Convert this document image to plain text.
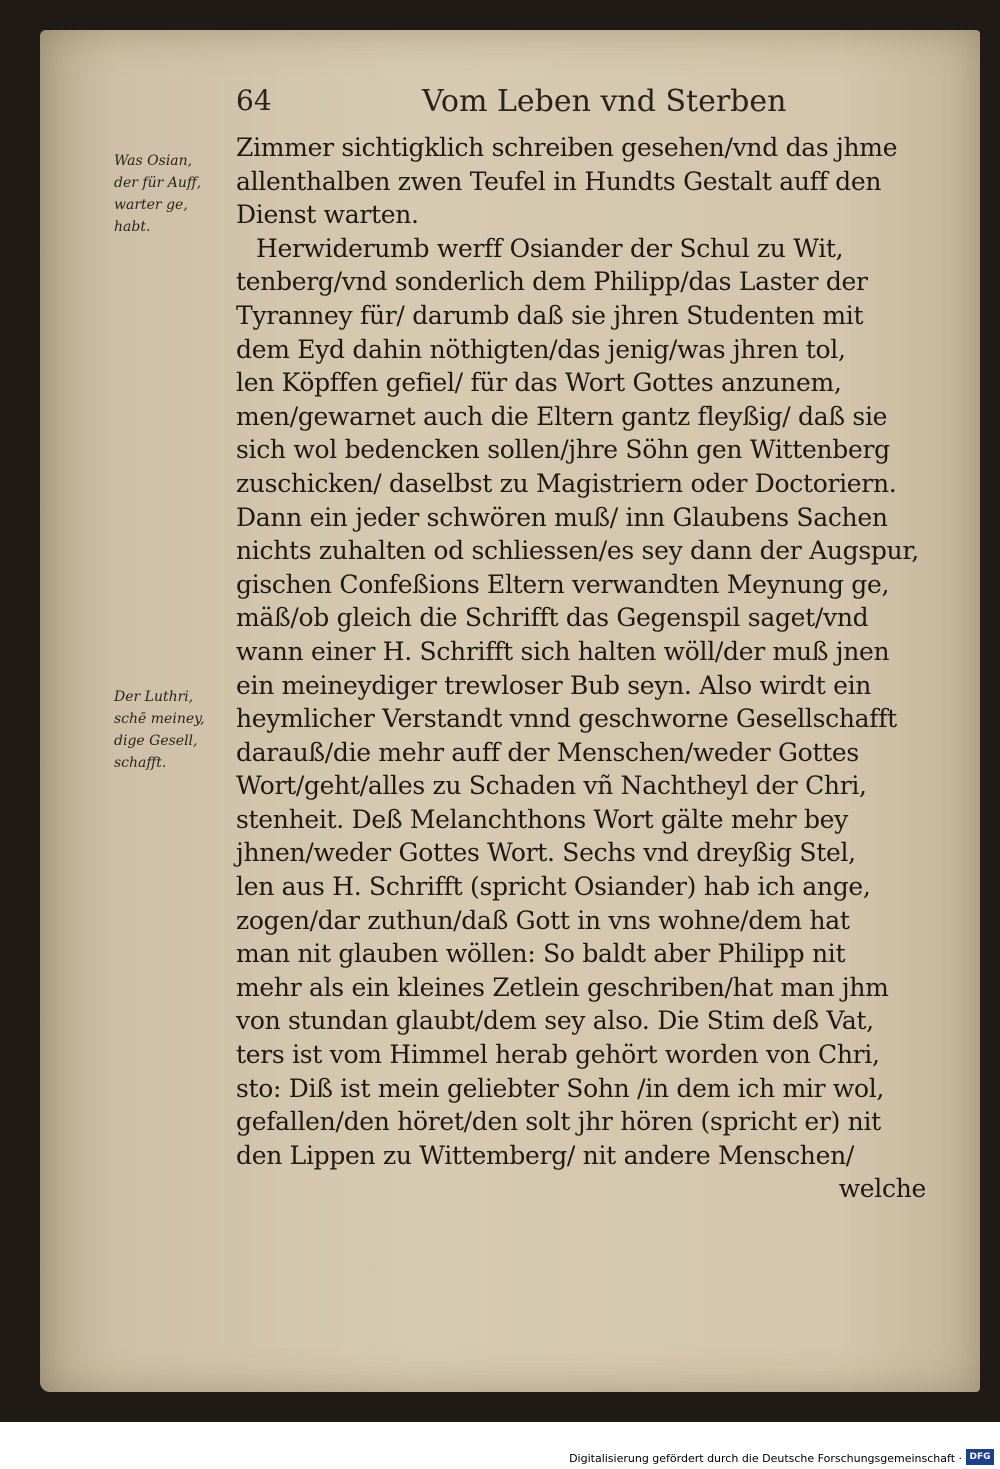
64	Vom Leben vnd Sterben
Was Osian,
der für Auff,
warter ge,
habt.
Der Luthri,
schē meiney,
dige Gesell,
schafft.
Zimmer sichtigklich schreiben gesehen/vnd das jhme
allenthalben zwen Teufel in Hundts Gestalt auff den
Dienst warten.
Herwiderumb werff Osiander der Schul zu Wit,
tenberg/vnd sonderlich dem Philipp/das Laster der
Tyranney für/ darumb daß sie jhren Studenten mit
dem Eyd dahin nöthigten/das jenig/was jhren tol,
len Köpffen gefiel/ für das Wort Gottes anzunem,
men/gewarnet auch die Eltern gantz fleyßig/ daß sie
sich wol bedencken sollen/jhre Söhn gen Wittenberg
zuschicken/ daselbst zu Magistriern oder Doctoriern.
Dann ein jeder schwören muß/ inn Glaubens Sachen
nichts zuhalten od schliessen/es sey dann der Augspur,
gischen Confeßions Eltern verwandten Meynung ge,
mäß/ob gleich die Schrifft das Gegenspil saget/vnd
wann einer H. Schrifft sich halten wöll/der muß jnen
ein meineydiger trewloser Bub seyn. Also wirdt ein
heymlicher Verstandt vnnd geschworne Gesellschafft
darauß/die mehr auff der Menschen/weder Gottes
Wort/geht/alles zu Schaden vñ Nachtheyl der Chri,
stenheit. Deß Melanchthons Wort gälte mehr bey
jhnen/weder Gottes Wort. Sechs vnd dreyßig Stel,
len aus H. Schrifft (spricht Osiander) hab ich ange,
zogen/dar zuthun/daß Gott in vns wohne/dem hat
man nit glauben wöllen: So baldt aber Philipp nit
mehr als ein kleines Zetlein geschriben/hat man jhm
von stundan glaubt/dem sey also. Die Stim deß Vat,
ters ist vom Himmel herab gehört worden von Chri,
sto: Diß ist mein geliebter Sohn /in dem ich mir wol,
gefallen/den höret/den solt jhr hören (spricht er) nit
den Lippen zu Wittemberg/ nit andere Menschen/
welche
Digitalisierung gefördert durch die Deutsche Forschungsgemeinschaft · DFG
